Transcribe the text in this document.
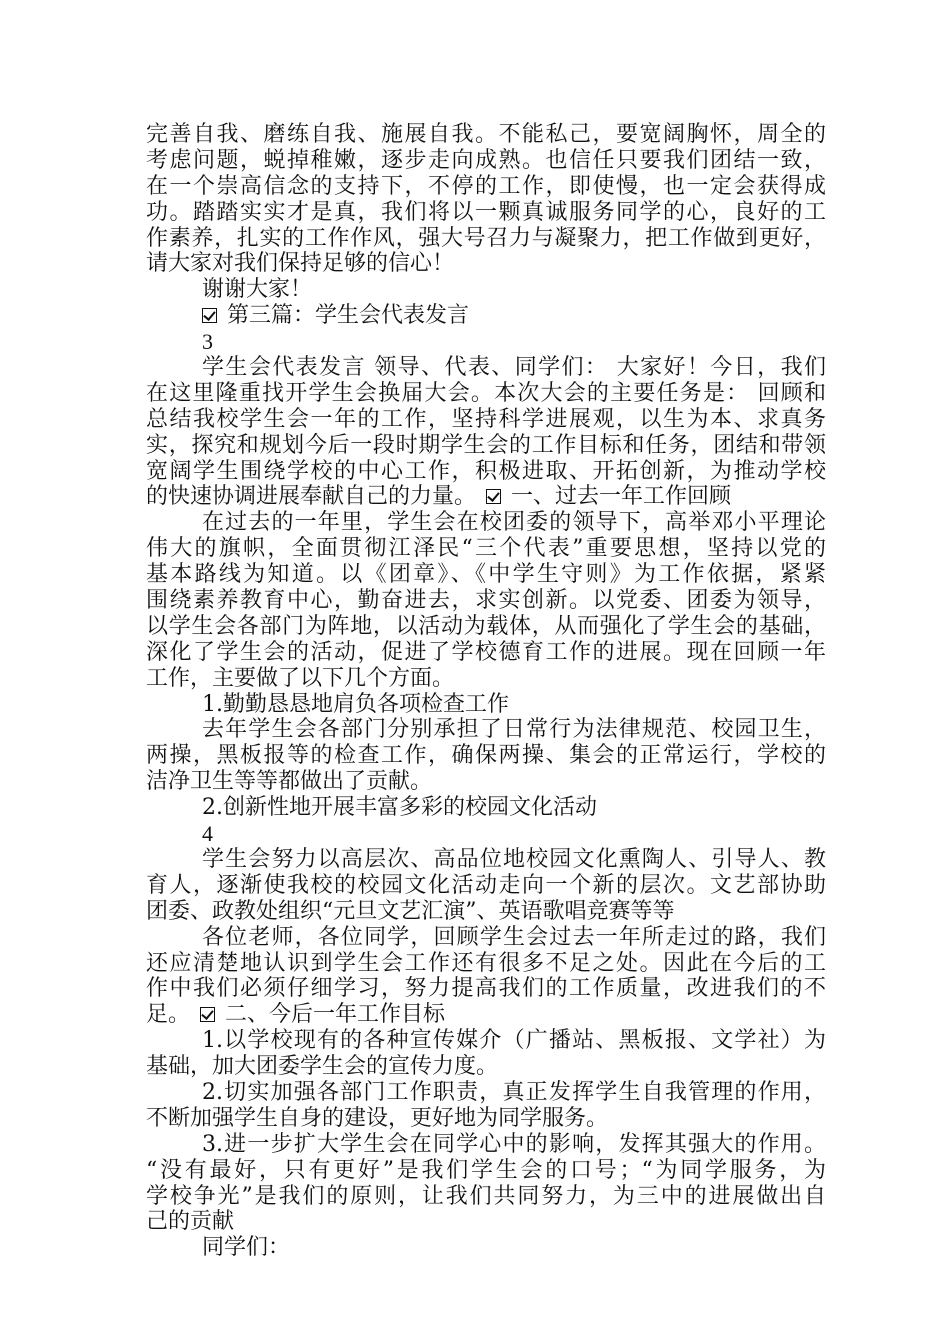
完善自我、磨练自我、施展自我。不能私己，要宽阔胸怀，周全的
考虑问题，蜕掉稚嫩，逐步走向成熟。也信任只要我们团结一致，
在一个崇高信念的支持下，不停的工作，即使慢，也一定会获得成
功。踏踏实实才是真，我们将以一颗真诚服务同学的心，良好的工
作素养，扎实的工作作风，强大号召力与凝聚力，把工作做到更好，
请大家对我们保持足够的信心！
谢谢大家！
第三篇：学生会代表发言
3
学生会代表发言 领导、代表、同学们： 大家好！今日，我们
在这里隆重找开学生会换届大会。本次大会的主要任务是： 回顾和
总结我校学生会一年的工作，坚持科学进展观，以生为本、求真务
实，探究和规划今后一段时期学生会的工作目标和任务，团结和带领
宽阔学生围绕学校的中心工作，积极进取、开拓创新，为推动学校
的快速协调进展奉献自己的力量。 一、过去一年工作回顾
在过去的一年里，学生会在校团委的领导下，高举邓小平理论
伟大的旗帜，全面贯彻江泽民“三个代表”重要思想，坚持以党的
基本路线为知道。以《团章》、《中学生守则》为工作依据，紧紧
围绕素养教育中心，勤奋进去，求实创新。以党委、团委为领导，
以学生会各部门为阵地，以活动为载体，从而强化了学生会的基础，
深化了学生会的活动，促进了学校德育工作的进展。现在回顾一年
工作，主要做了以下几个方面。
1.勤勤恳恳地肩负各项检查工作
去年学生会各部门分别承担了日常行为法律规范、校园卫生，
两操，黑板报等的检查工作，确保两操、集会的正常运行，学校的
洁净卫生等等都做出了贡献。
2.创新性地开展丰富多彩的校园文化活动
4
学生会努力以高层次、高品位地校园文化熏陶人、引导人、教
育人，逐渐使我校的校园文化活动走向一个新的层次。文艺部协助
团委、政教处组织“元旦文艺汇演”、英语歌唱竞赛等等
各位老师，各位同学，回顾学生会过去一年所走过的路，我们
还应清楚地认识到学生会工作还有很多不足之处。因此在今后的工
作中我们必须仔细学习，努力提高我们的工作质量，改进我们的不
足。 二、今后一年工作目标
1.以学校现有的各种宣传媒介（广播站、黑板报、文学社）为
基础，加大团委学生会的宣传力度。
2.切实加强各部门工作职责，真正发挥学生自我管理的作用，
不断加强学生自身的建设，更好地为同学服务。
3.进一步扩大学生会在同学心中的影响，发挥其强大的作用。
“没有最好，只有更好”是我们学生会的口号；“为同学服务，为
学校争光”是我们的原则，让我们共同努力，为三中的进展做出自
己的贡献
同学们：
